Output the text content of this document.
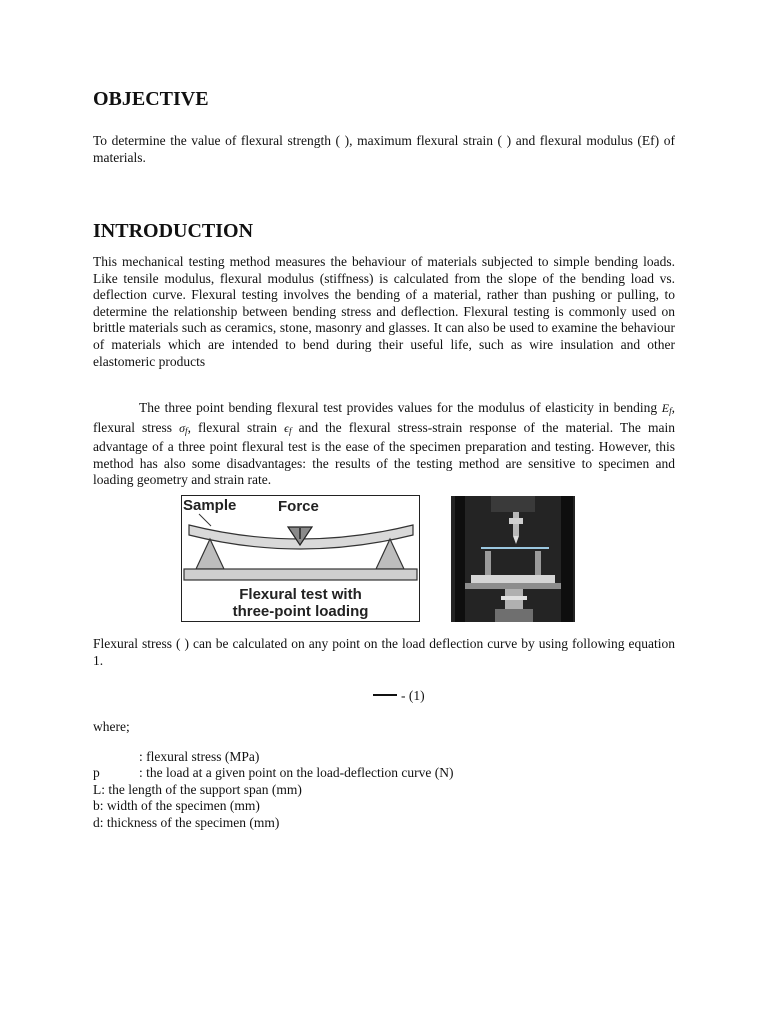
OBJECTIVE

To determine the value of flexural strength ( ), maximum flexural strain ( ) and flexural modulus (Ef) of materials.

INTRODUCTION

This mechanical testing method measures the behaviour of materials subjected to simple bending loads. Like tensile modulus, flexural modulus (stiffness) is calculated from the slope of the bending load vs. deflection curve. Flexural testing involves the bending of a material, rather than pushing or pulling, to determine the relationship between bending stress and deflection. Flexural testing is commonly used on brittle materials such as ceramics, stone, masonry and glasses. It can also be used to examine the behaviour of materials which are intended to bend during their useful life, such as wire insulation and other elastomeric products

The three point bending flexural test provides values for the modulus of elasticity in bending $E_f$, flexural stress $\sigma_f$, flexural strain $\epsilon_f$ and the flexural stress-strain response of the material. The main advantage of a three point flexural test is the ease of the specimen preparation and testing. However, this method has also some disadvantages: the results of the testing method are sensitive to specimen and loading geometry and strain rate.

Sample	Force
Flexural test with
three-point loading

Flexural stress ( ) can be calculated on any point on the load deflection curve by using following equation 1.

- (1)
where;
: flexural stress (MPa)
p	: the load at a given point on the load-deflection curve (N)
L: the length of the support span (mm)
b: width of the specimen (mm)
d: thickness of the specimen (mm)
